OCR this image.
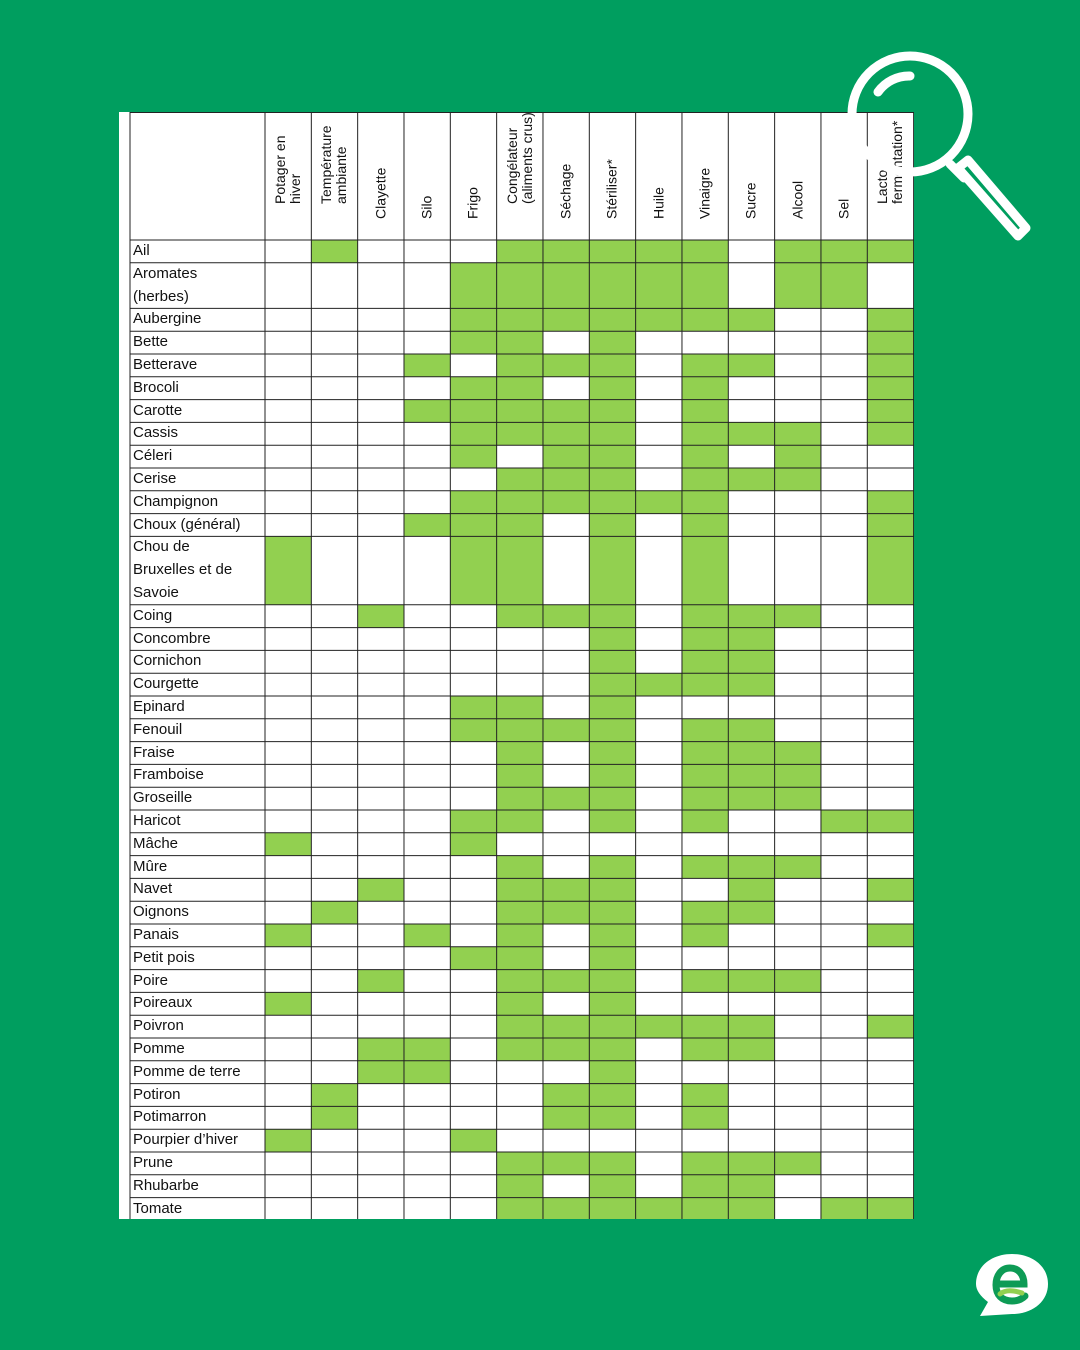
Ail
Aromates
(herbes)
Aubergine
Bette
Betterave
Brocoli
Carotte
Cassis
Céleri
Cerise
Champignon
Choux (général)
Chou de
Bruxelles et de
Savoie
Coing
Concombre
Cornichon
Courgette
Epinard
Fenouil
Fraise
Framboise
Groseille
Haricot
Mâche
Mûre
Navet
Oignons
Panais
Petit pois
Poire
Poireaux
Poivron
Pomme
Pomme de terre
Potiron
Potimarron
Pourpier d’hiver
Prune
Rhubarbe
Tomate
Potager en
hiver Température
ambiante Clayette Silo Frigo Congélateur
(aliments crus)
Séchage Stériliser* Huile Vinaigre Sucre Alcool Sel
Lacto-
fermentation*
